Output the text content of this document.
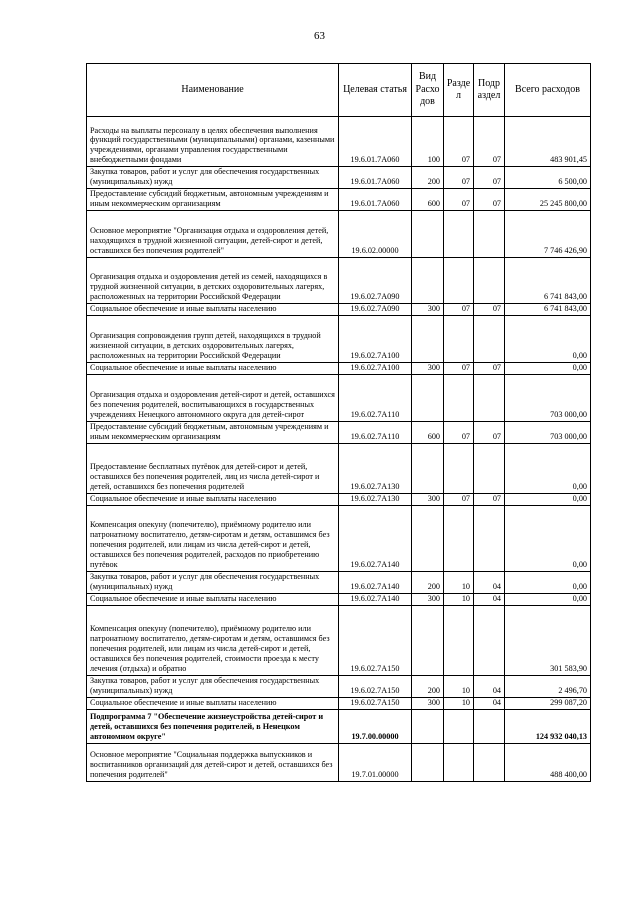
63
Наименование	Целевая статья	Вид Расхо дов	Разде л	Подр аздел	Всего расходов
Расходы на выплаты персоналу в целях обеспечения выполнения функций государственными (муниципальными) органами, казенными учреждениями, органами управления государственными внебюджетными фондами	19.6.01.7А060	100	07	07	483 901,45
Закупка товаров, работ и услуг для обеспечения государственных (муниципальных) нужд	19.6.01.7А060	200	07	07	6 500,00
Предоставление субсидий бюджетным, автономным учреждениям и иным некоммерческим организациям	19.6.01.7А060	600	07	07	25 245 800,00
Основное мероприятие "Организация отдыха и оздоровления детей, находящихся в трудной жизненной ситуации, детей-сирот и детей, оставшихся без попечения родителей"	19.6.02.00000				7 746 426,90
Организация отдыха и оздоровления детей из семей, находящихся в трудной жизненной ситуации, в детских оздоровительных лагерях, расположенных на территории Российской Федерации	19.6.02.7А090				6 741 843,00
Социальное обеспечение и иные выплаты населению	19.6.02.7А090	300	07	07	6 741 843,00
Организация сопровождения групп детей, находящихся в трудной жизненной ситуации, в детских оздоровительных лагерях, расположенных на территории Российской Федерации	19.6.02.7А100				0,00
Социальное обеспечение и иные выплаты населению	19.6.02.7А100	300	07	07	0,00
Организация отдыха и оздоровления детей-сирот и детей, оставшихся без попечения родителей, воспитывающихся в государственных учреждениях Ненецкого автономного округа для детей-сирот	19.6.02.7А110				703 000,00
Предоставление субсидий бюджетным, автономным учреждениям и иным некоммерческим организациям	19.6.02.7А110	600	07	07	703 000,00
Предоставление бесплатных путёвок для детей-сирот и детей, оставшихся без попечения родителей, лиц из числа детей-сирот и детей, оставшихся без попечения родителей	19.6.02.7А130				0,00
Социальное обеспечение и иные выплаты населению	19.6.02.7А130	300	07	07	0,00
Компенсация опекуну (попечителю), приёмному родителю или патронатному воспитателю, детям-сиротам и детям, оставшимся без попечения родителей, или лицам из числа детей-сирот и детей, оставшихся без попечения родителей, расходов по приобретению путёвок	19.6.02.7А140				0,00
Закупка товаров, работ и услуг для обеспечения государственных (муниципальных) нужд	19.6.02.7А140	200	10	04	0,00
Социальное обеспечение и иные выплаты населению	19.6.02.7А140	300	10	04	0,00
Компенсация опекуну (попечителю), приёмному родителю или патронатному воспитателю, детям-сиротам и детям, оставшимся без попечения родителей, или лицам из числа детей-сирот и детей, оставшихся без попечения родителей, стоимости проезда к месту лечения (отдыха) и обратно	19.6.02.7А150				301 583,90
Закупка товаров, работ и услуг для обеспечения государственных (муниципальных) нужд	19.6.02.7А150	200	10	04	2 496,70
Социальное обеспечение и иные выплаты населению	19.6.02.7А150	300	10	04	299 087,20
Подпрограмма 7 "Обеспечение жизнеустройства детей-сирот и детей, оставшихся без попечения родителей, в Ненецком автономном округе"	19.7.00.00000				124 932 040,13
Основное мероприятие "Социальная поддержка выпускников и воспитанников организаций для детей-сирот и детей, оставшихся без попечения родителей"	19.7.01.00000				488 400,00
